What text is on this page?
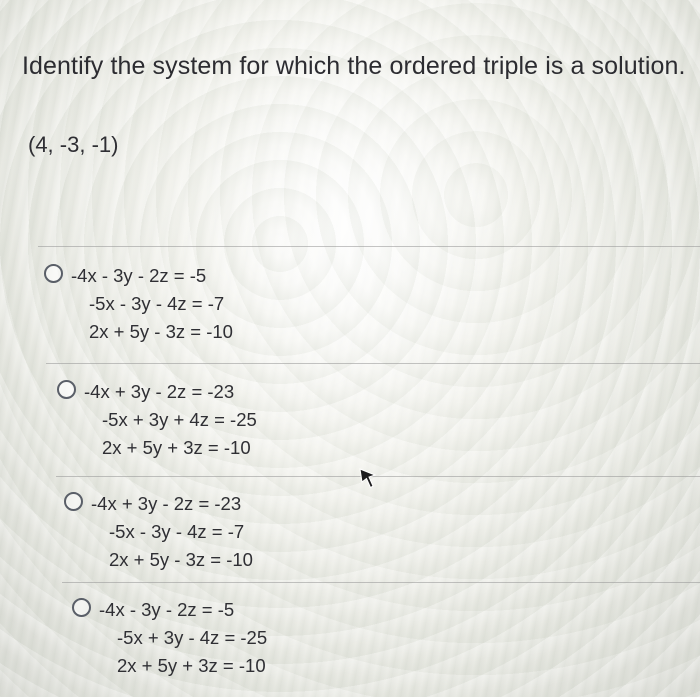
Identify the system for which the ordered triple is a solution.
(4, -3, -1)
-4x - 3y - 2z = -5
-5x - 3y - 4z = -7
2x + 5y - 3z = -10
-4x + 3y - 2z = -23
-5x + 3y + 4z = -25
2x + 5y + 3z = -10
-4x + 3y - 2z = -23
-5x - 3y - 4z = -7
2x + 5y - 3z = -10
-4x - 3y - 2z = -5
-5x + 3y - 4z = -25
2x + 5y + 3z = -10
